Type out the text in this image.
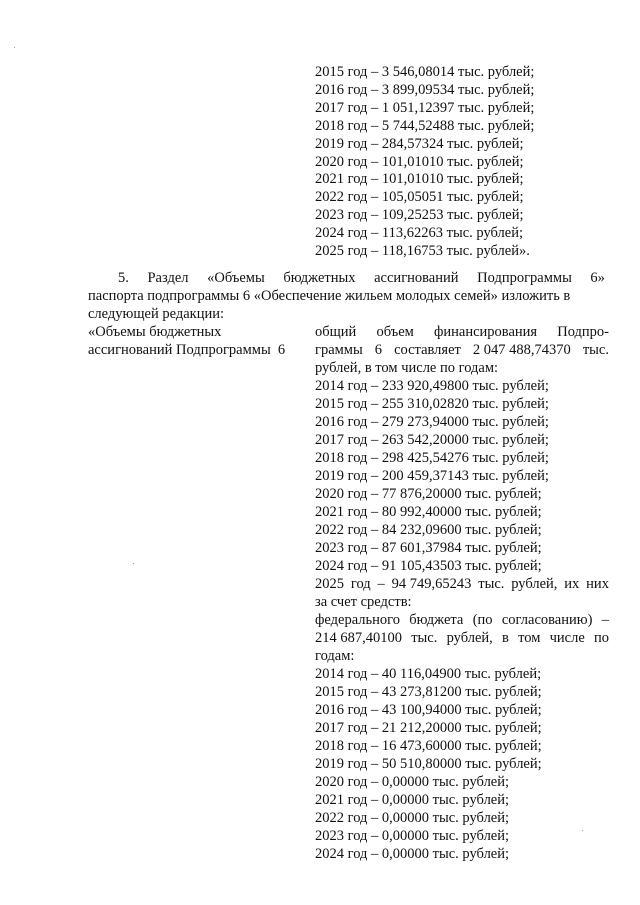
2015 год – 3 546,08014 тыс. рублей;
2016 год – 3 899,09534 тыс. рублей;
2017 год – 1 051,12397 тыс. рублей;
2018 год – 5 744,52488 тыс. рублей;
2019 год – 284,57324 тыс. рублей;
2020 год – 101,01010 тыс. рублей;
2021 год – 101,01010 тыс. рублей;
2022 год – 105,05051 тыс. рублей;
2023 год – 109,25253 тыс. рублей;
2024 год – 113,62263 тыс. рублей;
2025 год – 118,16753 тыс. рублей».
5. Раздел «Объемы бюджетных ассигнований Подпрограммы 6»
паспорта подпрограммы 6 «Обеспечение жильем молодых семей» изложить в
следующей редакции:
«Объемы бюджетных
ассигнований Подпрограммы  6
общий объем финансирования Подпро-
граммы 6 составляет 2 047 488,74370 тыс.
рублей, в том числе по годам:
2014 год – 233 920,49800 тыс. рублей;
2015 год – 255 310,02820 тыс. рублей;
2016 год – 279 273,94000 тыс. рублей;
2017 год – 263 542,20000 тыс. рублей;
2018 год – 298 425,54276 тыс. рублей;
2019 год – 200 459,37143 тыс. рублей;
2020 год – 77 876,20000 тыс. рублей;
2021 год – 80 992,40000 тыс. рублей;
2022 год – 84 232,09600 тыс. рублей;
2023 год – 87 601,37984 тыс. рублей;
2024 год – 91 105,43503 тыс. рублей;
2025 год – 94 749,65243 тыс. рублей, их них
за счет средств:
федерального бюджета (по согласованию) –
214 687,40100 тыс. рублей, в том числе по
годам:
2014 год – 40 116,04900 тыс. рублей;
2015 год – 43 273,81200 тыс. рублей;
2016 год – 43 100,94000 тыс. рублей;
2017 год – 21 212,20000 тыс. рублей;
2018 год – 16 473,60000 тыс. рублей;
2019 год – 50 510,80000 тыс. рублей;
2020 год – 0,00000 тыс. рублей;
2021 год – 0,00000 тыс. рублей;
2022 год – 0,00000 тыс. рублей;
2023 год – 0,00000 тыс. рублей;
2024 год – 0,00000 тыс. рублей;
